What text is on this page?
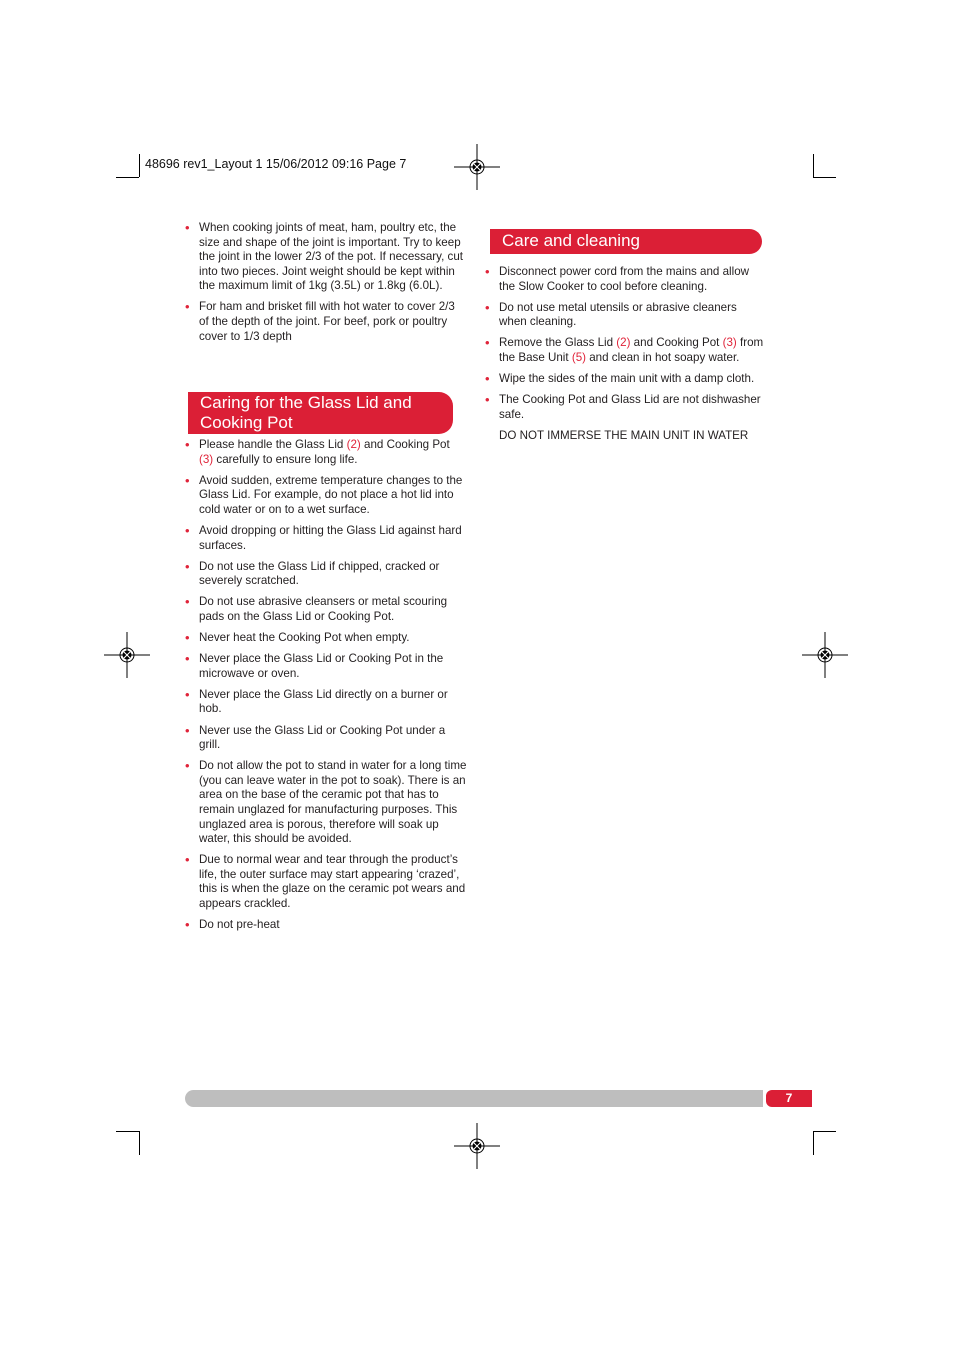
48696 rev1_Layout 1 15/06/2012 09:16 Page 7
• When cooking joints of meat, ham, poultry etc, the size and shape of the joint is important. Try to keep the joint in the lower 2/3 of the pot. If necessary, cut into two pieces. Joint weight should be kept within the maximum limit of 1kg (3.5L) or 1.8kg (6.0L).
• For ham and brisket fill with hot water to cover 2/3 of the depth of the joint. For beef, pork or poultry cover to 1/3 depth
Caring for the Glass Lid and Cooking Pot
• Please handle the Glass Lid (2) and Cooking Pot (3) carefully to ensure long life.
• Avoid sudden, extreme temperature changes to the Glass Lid. For example, do not place a hot lid into cold water or on to a wet surface.
• Avoid dropping or hitting the Glass Lid against hard surfaces.
• Do not use the Glass Lid if chipped, cracked or severely scratched.
• Do not use abrasive cleansers or metal scouring pads on the Glass Lid or Cooking Pot.
• Never heat the Cooking Pot when empty.
• Never place the Glass Lid or Cooking Pot in the microwave or oven.
• Never place the Glass Lid directly on a burner or hob.
• Never use the Glass Lid or Cooking Pot under a grill.
• Do not allow the pot to stand in water for a long time (you can leave water in the pot to soak). There is an area on the base of the ceramic pot that has to remain unglazed for manufacturing purposes. This unglazed area is porous, therefore will soak up water, this should be avoided.
• Due to normal wear and tear through the product’s life, the outer surface may start appearing ‘crazed’, this is when the glaze on the ceramic pot wears and appears crackled.
• Do not pre-heat
Care and cleaning
• Disconnect power cord from the mains and allow the Slow Cooker to cool before cleaning.
• Do not use metal utensils or abrasive cleaners when cleaning.
• Remove the Glass Lid (2) and Cooking Pot (3) from the Base Unit (5) and clean in hot soapy water.
• Wipe the sides of the main unit with a damp cloth.
• The Cooking Pot and Glass Lid are not dishwasher safe.
DO NOT IMMERSE THE MAIN UNIT IN WATER
7
